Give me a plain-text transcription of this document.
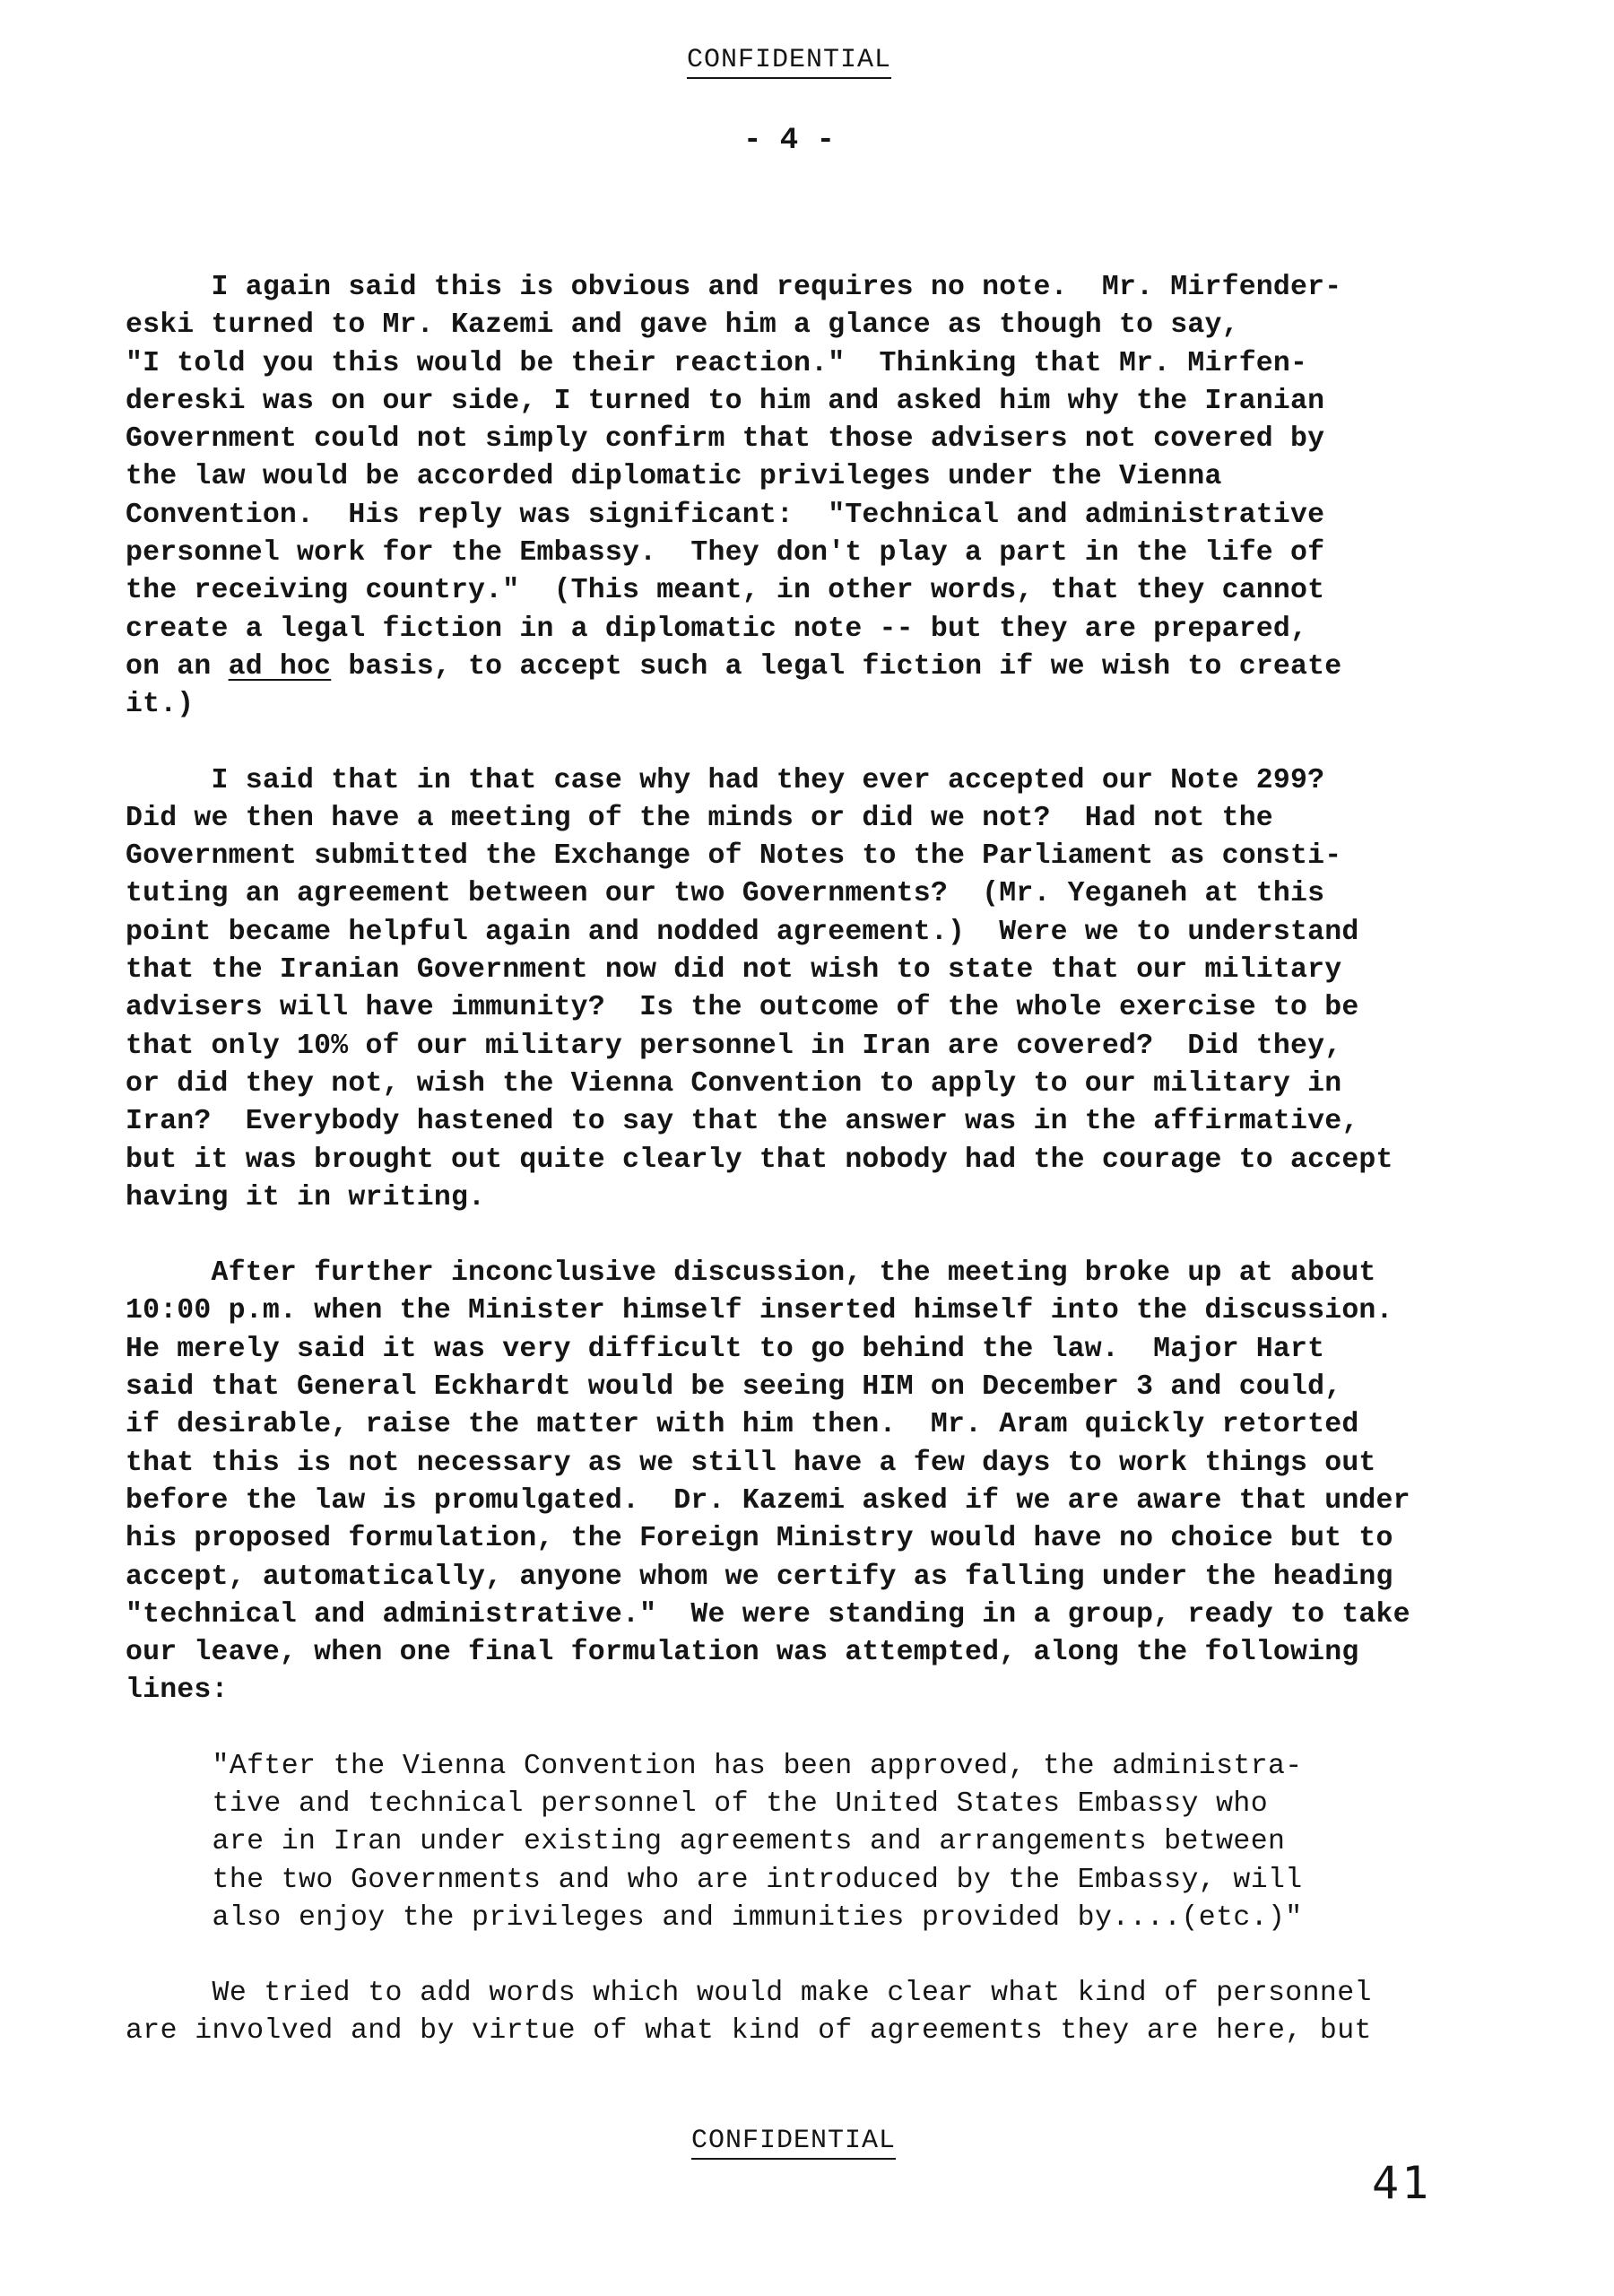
CONFIDENTIAL
- 4 -
I again said this is obvious and requires no note.  Mr. Mirfender-
eski turned to Mr. Kazemi and gave him a glance as though to say,
"I told you this would be their reaction."  Thinking that Mr. Mirfen-
dereski was on our side, I turned to him and asked him why the Iranian
Government could not simply confirm that those advisers not covered by
the law would be accorded diplomatic privileges under the Vienna
Convention.  His reply was significant:  "Technical and administrative
personnel work for the Embassy.  They don't play a part in the life of
the receiving country."  (This meant, in other words, that they cannot
create a legal fiction in a diplomatic note -- but they are prepared,
on an ad hoc basis, to accept such a legal fiction if we wish to create
it.)
I said that in that case why had they ever accepted our Note 299?
Did we then have a meeting of the minds or did we not?  Had not the
Government submitted the Exchange of Notes to the Parliament as consti-
tuting an agreement between our two Governments?  (Mr. Yeganeh at this
point became helpful again and nodded agreement.)  Were we to understand
that the Iranian Government now did not wish to state that our military
advisers will have immunity?  Is the outcome of the whole exercise to be
that only 10% of our military personnel in Iran are covered?  Did they,
or did they not, wish the Vienna Convention to apply to our military in
Iran?  Everybody hastened to say that the answer was in the affirmative,
but it was brought out quite clearly that nobody had the courage to accept
having it in writing.
After further inconclusive discussion, the meeting broke up at about
10:00 p.m. when the Minister himself inserted himself into the discussion.
He merely said it was very difficult to go behind the law.  Major Hart
said that General Eckhardt would be seeing HIM on December 3 and could,
if desirable, raise the matter with him then.  Mr. Aram quickly retorted
that this is not necessary as we still have a few days to work things out
before the law is promulgated.  Dr. Kazemi asked if we are aware that under
his proposed formulation, the Foreign Ministry would have no choice but to
accept, automatically, anyone whom we certify as falling under the heading
"technical and administrative."  We were standing in a group, ready to take
our leave, when one final formulation was attempted, along the following
lines:
"After the Vienna Convention has been approved, the administra-
tive and technical personnel of the United States Embassy who
are in Iran under existing agreements and arrangements between
the two Governments and who are introduced by the Embassy, will
also enjoy the privileges and immunities provided by....(etc.)"
We tried to add words which would make clear what kind of personnel
are involved and by virtue of what kind of agreements they are here, but
CONFIDENTIAL
41
